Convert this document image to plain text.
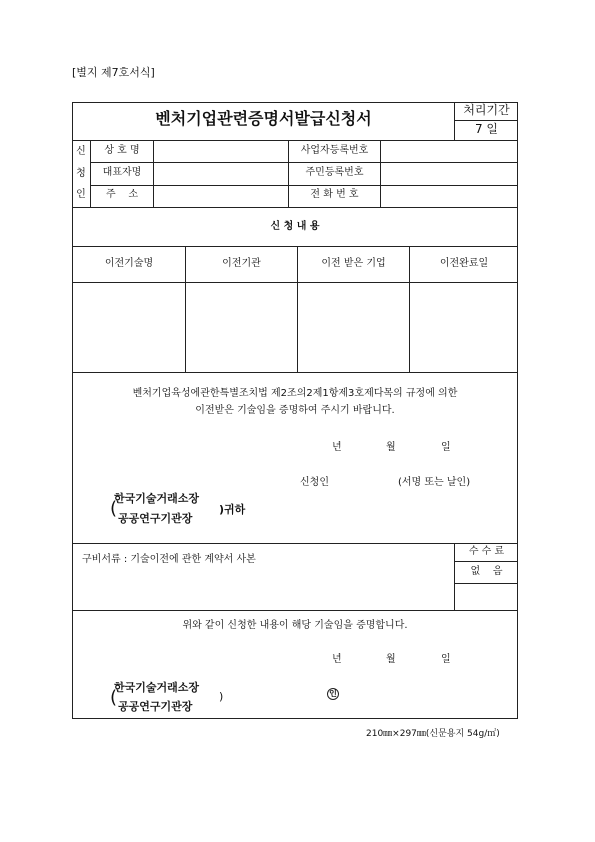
[별지 제7호서식]
벤처기업관련증명서발급신청서	처리기간
7 일
신
청
인
상 호 명	사업자등록번호
대표자명	주민등록번호
주    소	전 화 번 호
신 청 내 용
이전기술명	이전기관	이전 받은 기업	이전완료일
벤처기업육성에관한특별조치법 제2조의2제1항제3호제다목의 규정에 의한
이전받은 기술임을 증명하여 주시기 바랍니다.
년	월	일
신청인	(서명 또는 날인)
(
한국기술거래소장
공공연구기관장
)귀하
구비서류 : 기술이전에 관한 계약서 사본
수 수 료
없    음
위와 같이 신청한 내용이 해당 기술임을 증명합니다.
년	월	일
(
한국기술거래소장
공공연구기관장
)	인
210㎜×297㎜(신문용지 54g/㎡)
